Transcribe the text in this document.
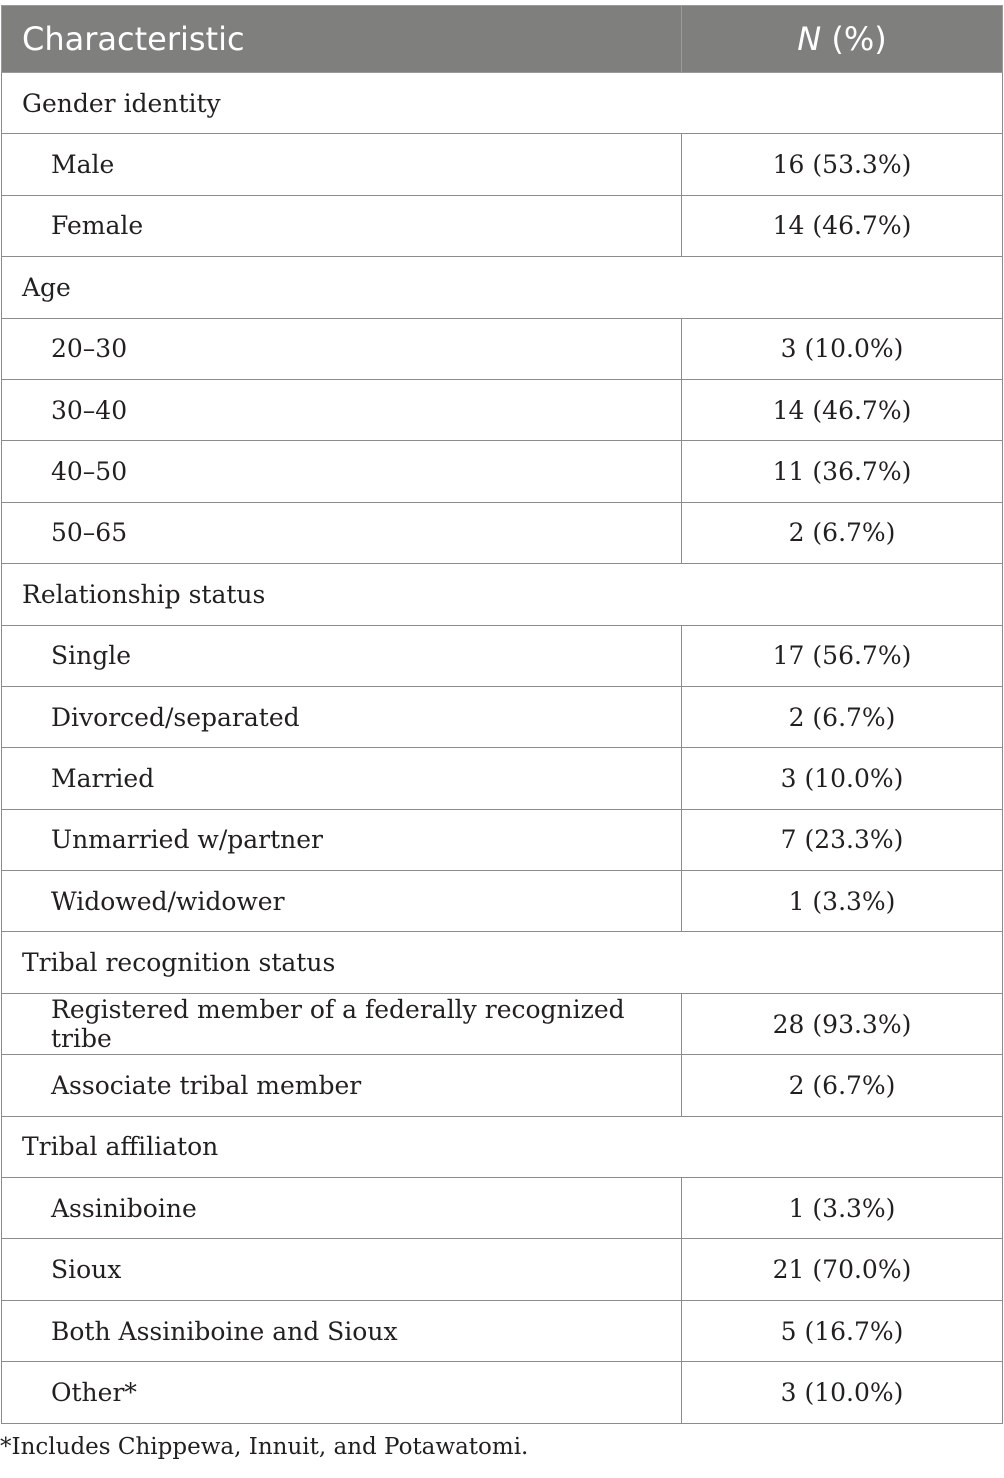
Characteristic	N (%)
Gender identity	
Male	16 (53.3%)
Female	14 (46.7%)
Age	
20–30	3 (10.0%)
30–40	14 (46.7%)
40–50	11 (36.7%)
50–65	2 (6.7%)
Relationship status	
Single	17 (56.7%)
Divorced/separated	2 (6.7%)
Married	3 (10.0%)
Unmarried w/partner	7 (23.3%)
Widowed/widower	1 (3.3%)
Tribal recognition status	
Registered member of a federally recognized tribe	28 (93.3%)
Associate tribal member	2 (6.7%)
Tribal affiliaton	
Assiniboine	1 (3.3%)
Sioux	21 (70.0%)
Both Assiniboine and Sioux	5 (16.7%)
Other*	3 (10.0%)
*Includes Chippewa, Innuit, and Potawatomi.
